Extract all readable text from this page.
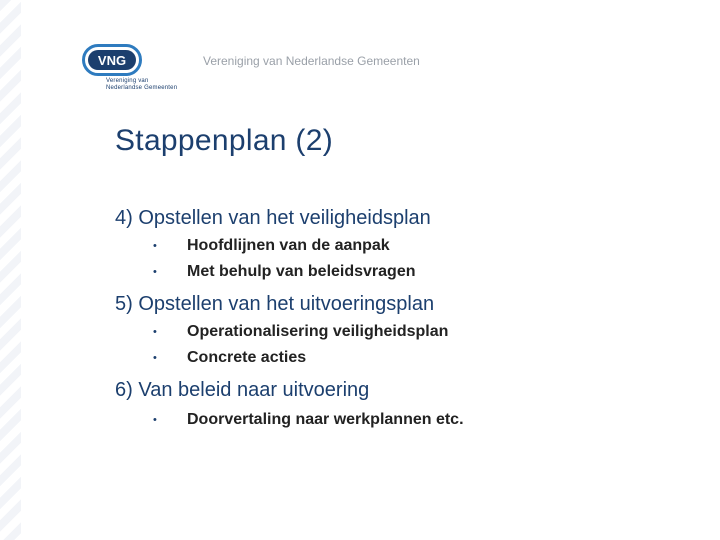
VNG
Vereniging van
Nederlandse Gemeenten
Vereniging van Nederlandse Gemeenten
Stappenplan (2)
4) Opstellen van het veiligheidsplan
• Hoofdlijnen van de aanpak
• Met behulp van beleidsvragen
5) Opstellen van het uitvoeringsplan
• Operationalisering veiligheidsplan
• Concrete acties
6) Van beleid naar uitvoering
• Doorvertaling naar werkplannen etc.
